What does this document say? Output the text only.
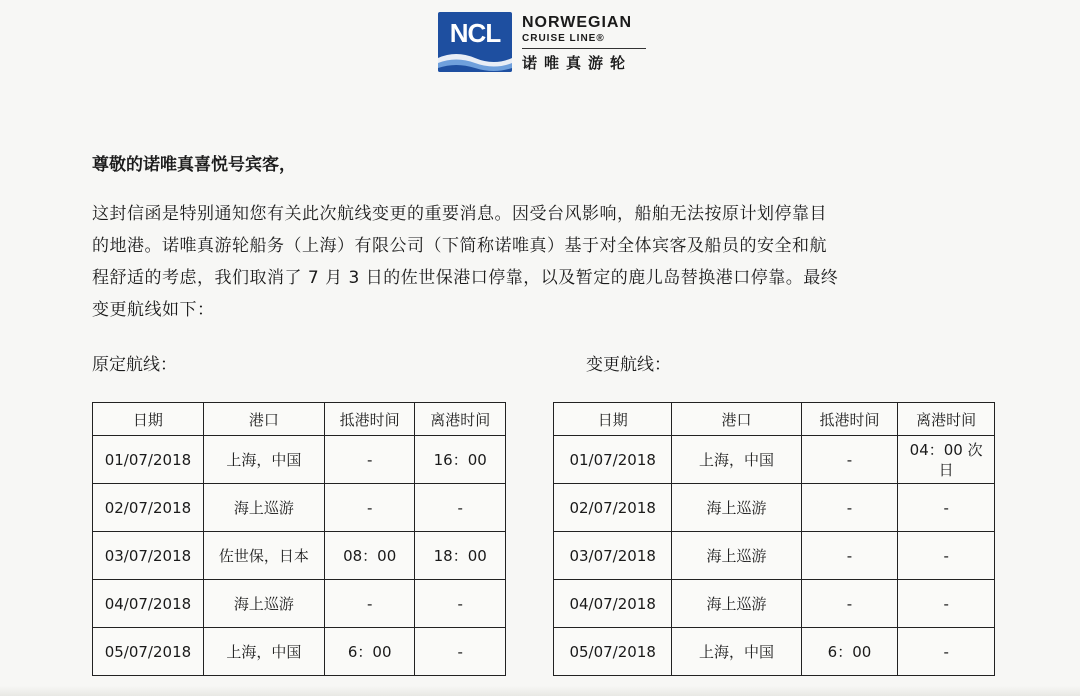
NCL	NORWEGIAN
CRUISE LINE®
诺唯真游轮
尊敬的诺唯真喜悦号宾客，
这封信函是特别通知您有关此次航线变更的重要消息。因受台风影响，船舶无法按原计划停靠目
的地港。诺唯真游轮船务（上海）有限公司（下简称诺唯真）基于对全体宾客及船员的安全和航
程舒适的考虑，我们取消了 7 月 3 日的佐世保港口停靠，以及暂定的鹿儿岛替换港口停靠。最终
变更航线如下：
原定航线：	变更航线：
日期	港口	抵港时间	离港时间
01/07/2018	上海，中国	-	16：00
02/07/2018	海上巡游	-	-
03/07/2018	佐世保，日本	08：00	18：00
04/07/2018	海上巡游	-	-
05/07/2018	上海，中国	6：00	-
日期	港口	抵港时间	离港时间
01/07/2018	上海，中国	-	04：00 次日
02/07/2018	海上巡游	-	-
03/07/2018	海上巡游	-	-
04/07/2018	海上巡游	-	-
05/07/2018	上海，中国	6：00	-
